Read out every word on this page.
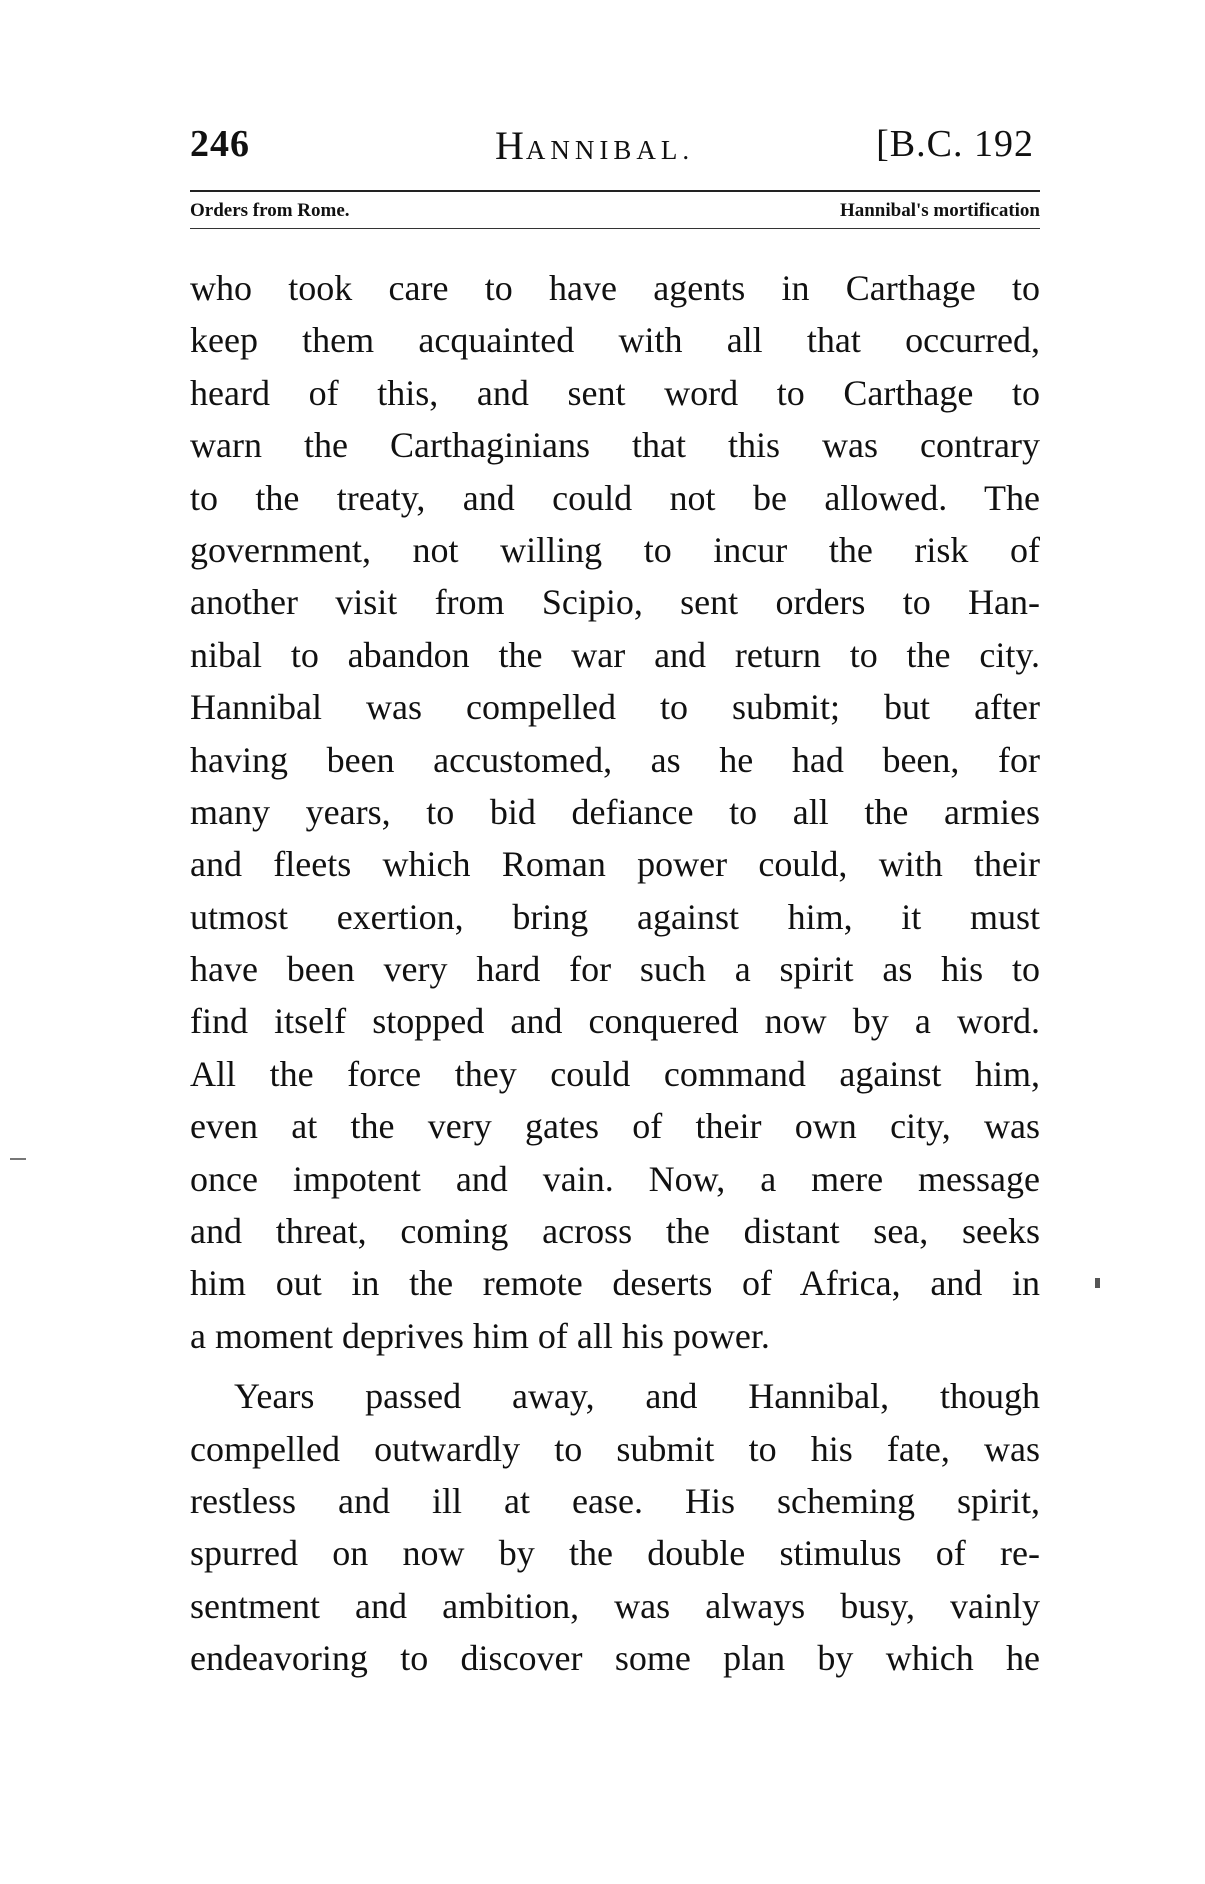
246	HANNIBAL.	[B.C. 192
Orders from Rome.	Hannibal's mortification
who took care to have agents in Carthage to
keep them acquainted with all that occurred,
heard of this, and sent word to Carthage to
warn the Carthaginians that this was contrary
to the treaty, and could not be allowed. The
government, not willing to incur the risk of
another visit from Scipio, sent orders to Han-
nibal to abandon the war and return to the city.
Hannibal was compelled to submit; but after
having been accustomed, as he had been, for
many years, to bid defiance to all the armies
and fleets which Roman power could, with their
utmost exertion, bring against him, it must
have been very hard for such a spirit as his to
find itself stopped and conquered now by a word.
All the force they could command against him,
even at the very gates of their own city, was
once impotent and vain. Now, a mere message
and threat, coming across the distant sea, seeks
him out in the remote deserts of Africa, and in
a moment deprives him of all his power.
Years passed away, and Hannibal, though
compelled outwardly to submit to his fate, was
restless and ill at ease. His scheming spirit,
spurred on now by the double stimulus of re-
sentment and ambition, was always busy, vainly
endeavoring to discover some plan by which he
